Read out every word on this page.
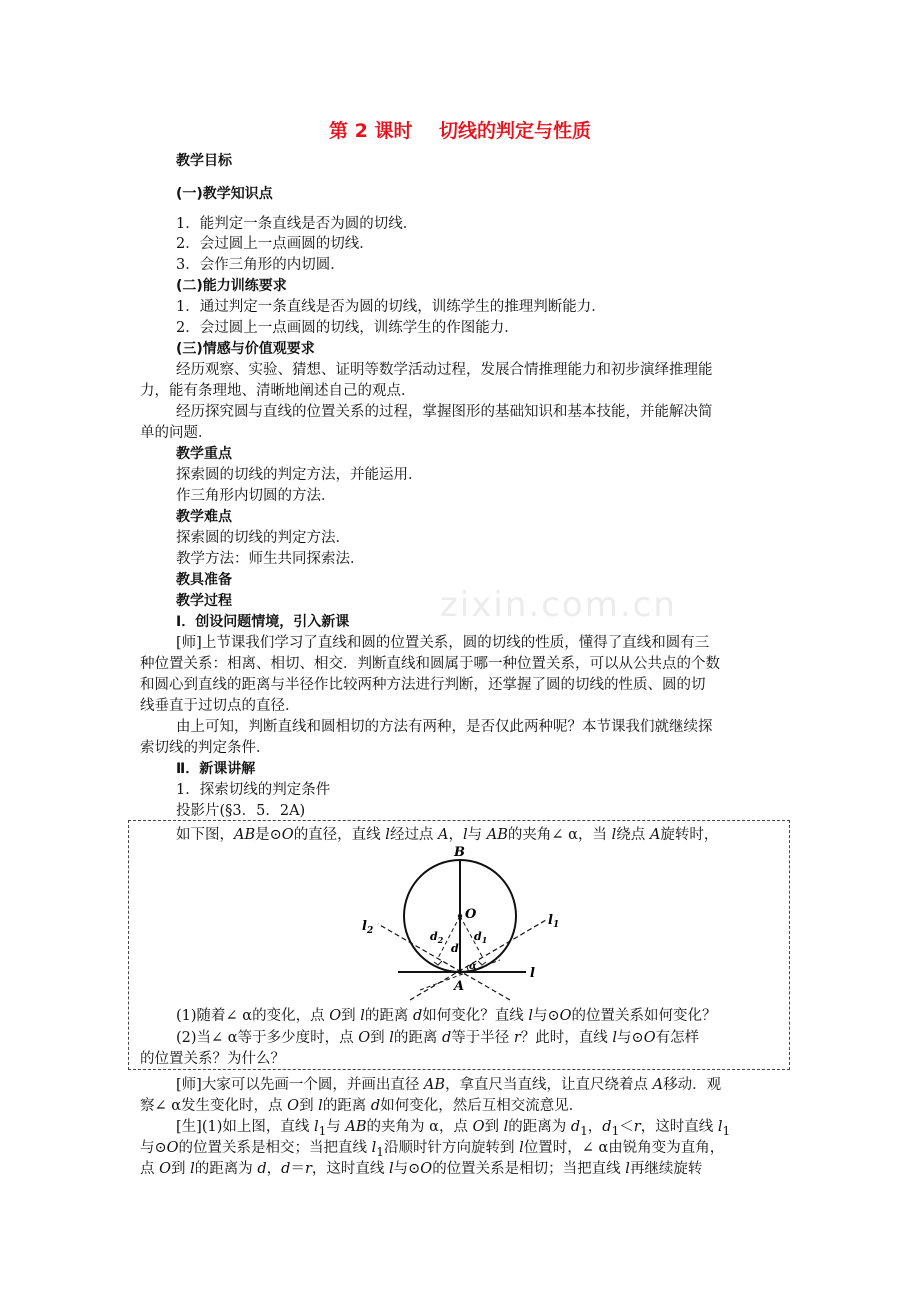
第 2 课时    切线的判定与性质
zixin.com.cn
教学目标
(一)教学知识点
1．能判定一条直线是否为圆的切线．
2．会过圆上一点画圆的切线．
3．会作三角形的内切圆．
(二)能力训练要求
1．通过判定一条直线是否为圆的切线，训练学生的推理判断能力．
2．会过圆上一点画圆的切线，训练学生的作图能力．
(三)情感与价值观要求
经历观察、实验、猜想、证明等数学活动过程，发展合情推理能力和初步演绎推理能
力，能有条理地、清晰地阐述自己的观点．
经历探究圆与直线的位置关系的过程，掌握图形的基础知识和基本技能，并能解决简
单的问题．
教学重点
探索圆的切线的判定方法，并能运用．
作三角形内切圆的方法．
教学难点
探索圆的切线的判定方法．
教学方法：师生共同探索法．
教具准备
教学过程
Ⅰ．创设问题情境，引入新课
[师]上节课我们学习了直线和圆的位置关系，圆的切线的性质，懂得了直线和圆有三
种位置关系：相离、相切、相交．判断直线和圆属于哪一种位置关系，可以从公共点的个数
和圆心到直线的距离与半径作比较两种方法进行判断，还掌握了圆的切线的性质、圆的切
线垂直于过切点的直径．
由上可知，判断直线和圆相切的方法有两种，是否仅此两种呢？本节课我们就继续探
索切线的判定条件．
Ⅱ．新课讲解
1．探索切线的判定条件
投影片(§3．5．2A)
如下图，AB是⊙O的直径，直线 l经过点 A，l与 AB的夹角∠ α，当 l绕点 A旋转时，
B
O
A
l
$l_1$
$l_2$
d
$d_1$
$d_2$
α
(1)随着∠ α的变化，点 O到 l的距离 d如何变化？直线 l与⊙O的位置关系如何变化？
(2)当∠ α等于多少度时，点 O到 l的距离 d等于半径 r？此时，直线 l与⊙O有怎样
的位置关系？为什么？
[师]大家可以先画一个圆，并画出直径 AB，拿直尺当直线，让直尺绕着点 A移动．观
察∠ α发生变化时，点 O到 l的距离 d如何变化，然后互相交流意见．
[生](1)如上图，直线 $l_1$与 AB的夹角为 α，点 O到 l的距离为 $d_1$，$d_1<r$，这时直线 $l_1$
与⊙O的位置关系是相交；当把直线 $l_1$沿顺时针方向旋转到 l位置时，∠ α由锐角变为直角，
点 O到 l的距离为 d，d＝r，这时直线 l与⊙O的位置关系是相切；当把直线 l再继续旋转
